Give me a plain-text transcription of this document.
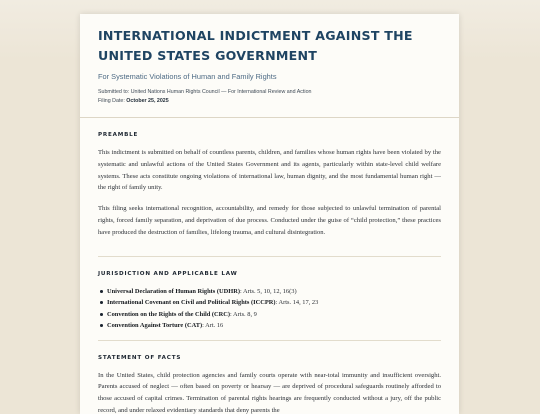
INTERNATIONAL INDICTMENT AGAINST THE UNITED STATES GOVERNMENT
For Systematic Violations of Human and Family Rights
Submitted to: United Nations Human Rights Council — For International Review and Action
Filing Date: October 25, 2025
PREAMBLE

This indictment is submitted on behalf of countless parents, children, and families whose human rights have been violated by the systematic and unlawful actions of the United States Government and its agents, particularly within state-level child welfare systems. These acts constitute ongoing violations of international law, human dignity, and the most fundamental human right — the right of family unity.

This filing seeks international recognition, accountability, and remedy for those subjected to unlawful termination of parental rights, forced family separation, and deprivation of due process. Conducted under the guise of “child protection,” these practices have produced the destruction of families, lifelong trauma, and cultural disintegration.

JURISDICTION AND APPLICABLE LAW
Universal Declaration of Human Rights (UDHR): Arts. 5, 10, 12, 16(3)
International Covenant on Civil and Political Rights (ICCPR): Arts. 14, 17, 23
Convention on the Rights of the Child (CRC): Arts. 8, 9
Convention Against Torture (CAT): Art. 16
STATEMENT OF FACTS

In the United States, child protection agencies and family courts operate with near-total immunity and insufficient oversight. Parents accused of neglect — often based on poverty or hearsay — are deprived of procedural safeguards routinely afforded to those accused of capital crimes. Termination of parental rights hearings are frequently conducted without a jury, off the public record, and under relaxed evidentiary standards that deny parents the
